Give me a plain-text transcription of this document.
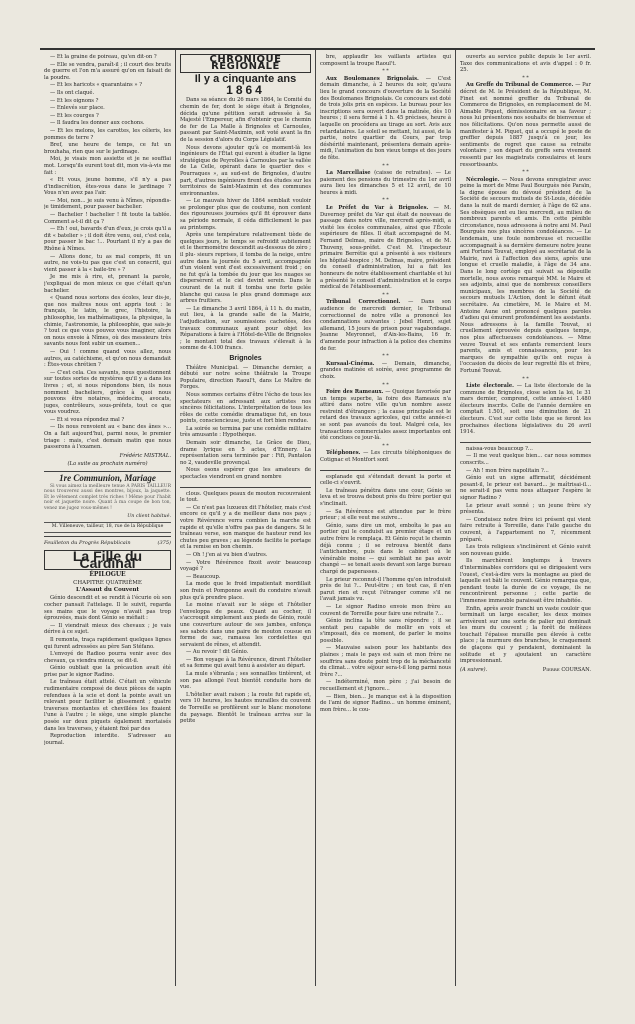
— Et la graine de poireau, qu'en dit-on ?

— Elle se vendra, paraît-il ; il court des bruits de guerre et l'on m'a assuré qu'on en faisait de la poudre.

— Et les haricots « quarantains » ?

— Ils ont claqué.

— Et les oignons ?

— Enlevés sur place.

— Et les courges ?

— Il faudra les donner aux cochons.

— Et les melons, les carottes, les céleris, les pommes de terre ?

Bref, une heure de temps, ce fut un brouhaha, rien que sur le jardinage.

Moi, je visais mon assiette et je ne soufflai mot. Lorsqu'ils eurent tout dit, mon vis-à-vis me fait :

« Et vous, jeune homme, s'il n'y a pas d'indiscrétion, êtes-vous dans le jardinage ? Vous n'en avez pas l'air.

— Moi, non... je suis venu à Nîmes, répondis-je timidement, pour passer bachelier.

— Bachelier ! bachelier ! fit toute la tablée. Comment a-t-il dit ça ?

— Eh ! oui, bavards d'un d'eux, je crois qu'il a dit « batelier » ; il doit être venu, oui, c'est cela, pour passer le bac !... Pourtant il n'y a pas de Rhône à Nîmes.

— Allons donc, tu as mal compris, fit un autre, ne vois-tu pas que c'est un conscrit, qui vient passer à la « baile-tre » ?

Je me mis à rire, et, prenant la parole, j'expliquai de mon mieux ce que c'était qu'un bachelier.

« Quand nous sortons des écoles, leur dis-je, que nos maîtres nous ont appris tout : le français, le latin, le grec, l'histoire, la philosophie, les mathématiques, la physique, la chimie, l'astronomie, la philosophie, que sais-je ? tout ce que vous pouvez vous imaginer, alors on nous envoie à Nîmes, où des messieurs très savants nous font subir un examen...

— Oui ! comme quand vous allez, nous autres, au catéchisme, et qu'on nous demandait : Êtes-vous chrétien ?

— C'est cela. Ces savants, nous questionnent sur toutes sortes de mystères qu'il y a dans les livres ; et, si nous répondons bien, ils nous nomment bacheliers, grâce à quoi nous pouvons être notaires, médecins, avocats, juges, contrôleurs, sous-préfets, tout ce que vous voudrez.

— Et si vous répondez mal ?

— Ils nous renvoient au « banc des ânes »... On a fait aujourd'hui, parmi nous, le premier triage : mais, c'est demain matin que nous passerons à l'examen.

Frédéric MISTRAL.
(La suite au prochain numéro)
1re Communion, Mariage

Si vous aimez la meilleure tenue A PARIS TAILLEUR nous trouverez aussi des montres, bijoux, la jaquette. Et le vêtement complet très riches ! Même pour l'habit noir et jaquette noire. Quant à ma coupe de bon ton, venez me jugez vous-mêmes !

Un client habitué.
M. Villeneuve, tailleur, 18, rue de la République
Feuilleton du Progrès Républicain	(375)
La Fille du Cardinal
ÉPILOGUE
CHAPITRE QUATRIÈME
L'Assaut du Couvent

Génio descendit et se rendit à l'écurie où son cocher pansait l'attelage. Il le suivit, regarda ses mains que le voyage n'avait pas trop éprouvées, mais dont Génio se méfiait :

— Il viendrait mieux des chevaux ; je vais dérive à ce sujet.

Il remonta, traça rapidement quelques lignes qui furent adressées au père San Stéfano.

L'envoyé de Radioo pourra venir avec des chevaux, ça viendra mieux, se dit-il.

Génio oubliait que la précaution avait été prise par le signor Radino.

Le traîneau était attelé. C'était un véhicule rudimentaire composé de deux pièces de sapin refendues à la scie et dont la pointe avait un relevant pour faciliter le glissement ; quatre traverses montantes et chevillées les fixaient l'une à l'autre ; le siège, une simple planche posée sur deux piquets également mortaisés dans les traverses, y étaient fixé par des

Reproduction interdite. S'adresser au journal.

CHRONIQUE RÉGIONALE
Il y a cinquante ans
1864

Dans sa séance du 26 mars 1864, le Comité du chemin de fer, dont le siège était à Brignoles, décida qu'une pétition serait adressée à Sa Majesté l'Empereur, afin d'obtenir que le chemin de fer de La Malle à Brignoles et Carnoules, passant par Saint-Maximin, soit voté avant la fin de la session d'alors du Corps Législatif.

Nous devons ajouter qu'à ce moment-là les ingénieurs de l'État qui eurent à étudier la ligne stratégique de Peyrolles à Carnoules par la vallée de La Celle, opérant dans le quartier des « Pourraques », au sud-est de Brignoles, d'autre part, d'autres ingénieurs firent des études sur les territoires de Saint-Maximin et des communes environnantes.

— Le mauvais hiver de 1864 semblait vouloir se prolonger plus que de coutume, non content des rigoureuses journées qu'il fit éprouver dans sa période normale, il céda difficilement le pas au printemps.

Après une température relativement tiède de quelques jours, le temps se refroidit subitement et le thermomètre descendit au-dessous de zéro ; il plu- sieurs reprises, il tomba de la neige, entre autre dans la journée du 5 avril, accompagnée d'un violent vent d'est excessivement froid ; on ne fut qu'à la tombée du jour que les nuages se dispersèrent et le ciel devint serein. Dans le courant de la nuit il tomba une forte gelée blanche qui causa le plus grand dommage aux arbres fruitiers.

— Le dimanche 3 avril 1864, à 11 h. du matin, eut lieu, à la grande salle de la Mairie, l'adjudication, sur soumissions cachetées, des travaux communaux ayant pour objet les Réparations à faire à l'Hôtel-de-Ville de Brignoles ; le montant total des travaux s'élevait à la somme de 4.100 francs.

Brignoles

Théâtre Municipal. — Dimanche dernier, a débuté sur notre scène théâtrale la Troupe Populaire, direction Raoul't, dans Le Maître de Forges.

Nous sommes certains d'être l'écho de tous les spectateurs en adressant aux artistes nos sincères félicitations. L'interprétation de tous les rôles de cette comédie dramatique fut, en tous points, consciencieuse, juste et fort bien rendue.

La soirée se termina par une comédie militaire très amusante : Hypothèque.

Demain soir dimanche, Le Grâce de Dieu, drame lyrique en 5 actes, d'Ennery. La représentation sera terminée par : Fifi, Pantalon no 2, vaudeville provençal.

Nous osons espérer que les amateurs de spectacles viendront en grand nombre

clous. Quelques peaux de mouton recouvraient le tout.

— Ce n'est pas luxueux dit l'hôtelier, mais c'est encore ce qu'il y a de meilleur dans nos pays ; votre Révérence verra combien la marche est rapide et qu'elle n'offre pas pas de dangers. Si le traîneau verse, son manque de hauteur rend les chutes peu graves ; au légende facilite le portage et la remise en bon chemin.

— Oh ! j'en ai vu bien d'autres.

— Votre Révérence fixoit avoir beaucoup voyagé ?

— Beaucoup.

La mode que le froid impatientait mordillait son frein et Pomponne avait du conduire n'avait plus qu'à prendre place.

Le moine n'avait sur le siège et l'hôtelier l'enveloppa de peaux. Quant au cocher, il s'accroupit simplement aux pieds de Génio, roulé une couverture autour de ses jambes, enfonça ses sabots dans une paire de mouton cousue en forme de sac, ramassa les cordelettes qui servaient de rênes, et attendit.

— Au revoir ! dit Génio.

— Bon voyage à la Révérence, dirent l'hôtelier et sa femme qui avait tenu à assister au départ.

La mule s'ébranla ; ses sonnailles tintèrent, et son pas allongé l'eut bientôt conduite hors de vue.

L'hôtelier avait raison ; la route fut rapide et, vers 10 heures, les hautes murailles du couvent de Torreille se profilèrent sur le blanc monotone du paysage. Bientôt le traîneau arriva sur la petite

bre, applaudir les vaillants artistes qui composent la troupe Raoul't.

* *

Aux Boulomanes Brignolais. — C'est demain dimanche, à 2 heures du soir, qu'aura lieu le grand concours d'ouverture de la Société des Boulomanes Brignolais. Ce concours est doté de trois jolis prix en espèces. Le bureau pour les inscriptions sera ouvert dans la matinée, dès 10 heures ; il sera fermé à 1 h. 45 précises, heure à laquelle on procédera au tirage au sort. Avis aux retardataires. Le soleil se mettant, lui aussi, de la partie, notre quartier du Cours, par trop déshérité maintenant, présentera demain après-midi, l'animation du bon vieux temps et des jours de fête.

* *

La Marcellaise (caisse de retraites). — Le paiement des pensions du trimestre du 1er avril aura lieu les dimanches 5 et 12 avril, de 10 heures à midi.

* *

Le Préfet du Var à Brignoles. — M. Duvernoy préfet du Var qui était de nouveau de passage dans notre ville, mercredi après-midi, a visité les écoles communales, ainsi que l'École supérieure de filles. Il était accompagné de M. Fernand Delmas, maire de Brignoles, et de M. Thuveny, sous-préfet. C'est M. l'inspecteur primaire Berrétie qui a présenté à ses visiteurs les hôpital-hospice ; M. Delmas, maire, président du conseil d'administration, lui a fait les honneurs de notre établissement charitable et lui a présenté le conseil d'administration et le corps médical de l'établissement.

* *

Tribunal Correctionnel. — Dans son audience de mercredi dernier, le Tribunal correctionnel de notre ville a prononcé les condamnations suivantes : Jebel Henri, sujet allemand, 15 jours de prison pour vagabondage. Jeanne Meyronnet, d'Aix-les-Bains, 16 fr. d'amende pour infraction à la police des chemins de fer.

* *

Kursaal-Cinéma. — Demain, dimanche, grandes matinée et soirée, avec programme de choix.

* *

Foire des Rameaux. — Quoique favorisée par un temps superbe, la foire des Rameaux n'a attiré dans notre ville qu'un nombre assez restreint d'étrangers ; la cause principale est le retard des travaux agricoles, qui cette année-ci se sont pas avancés du tout. Malgré cela, les transactions commerciales assez importantes ont été conclues ce jour-là.

* *

Téléphones. — Les circuits téléphoniques de Cotignac et Montfort sont

esplanade qui s'étendait devant la porte et celle-ci s'ouvrit.

Le traîneau pénétra dans une cour, Génio se leva et se trouva debout près du frère portier qui s'inclinait.

— Sa Révérence est attendue par le frère prieur ; si elle veut me suivre...

Génio, sans dire un mot, emboîta le pas au portier qui le conduisit au premier étage et un autre frère le remplaça. Et Génio reçut le chemin déjà connu ; il se retrouva bientôt dans l'antichambre, puis dans le cabinet où le vénérable moine — qui semblait ne pas avoir changé — se tenait assis devant son large bureau chargé de paperasses.

Le prieur reconnut-il l'homme qu'on introduisit près de lui ?... Peut-être ; en tout cas, il n'en parut rien et reçut l'étranger comme s'il ne l'avait jamais vu.

— Le signor Radino envoie mon frère au couvent de Torreille pour faire une retraite ?...

Génio inclina la tête sans répondre ; il se sentait peu capable de mollir en voix et s'imposait, dès ce moment, de parler le moins possible.

— Mauvaise saison pour les habitants des plaines ; mais le pays est sain et mon frère ne souffrira sans doute point trop de la méchanceté du climat... votre séjour sera-t-il long parmi nous frère ?...

— Indéterminé, mon père ; j'ai besoin de recueillement et j'ignore...

— Bien, bien... Je manque est à la disposition de l'ami de signor Radino... un homme éminent, mon frère... le cou-

ouverts au service public depuis le 1er avril. Taxe des communications et avis d'appel : 0 fr. 25.

* *

Au Greffe du Tribunal de Commerce. — Par décret de M. le Président de la République, M. Finet est nommé greffier du Tribunal de Commerce de Brignoles, en remplacement de M. Aimable Piquet, démissionnaire en sa faveur ; nous lui présentons nos souhaits de bienvenue et nos félicitations. Qu'on nous permette aussi de manifester à M. Piquet, qui a occupé le poste de greffier depuis 1887 jusqu'à ce jour, les sentiments de regret que cause sa retraite volontaire ; son départ du greffe sera vivement ressenti par les magistrats consulaires et leurs ressortissants.

* *

Nécrologie. — Nous devons enregistrer avec peine la mort de Mme Paul Bourguès née Paraïn, la digne épouse du dévoué président de la Société de secours mutuels de St-Louis, décédée dans la nuit de mardi dernier, à l'âge de 62 ans. Ses obsèques ont eu lieu mercredi, au milieu de nombreux parents et amis. En cette pénible circonstance, nous adressons à notre ami M. Paul Bourguès nos plus sincères condoléances. — Le lendemain, une foule nombreuse et recueillie accompagnait à sa dernière demeure notre jeune ami Fortuné Touvat, employé au secrétariat de la Mairie, ravi à l'affection des siens, après une longue et cruelle maladie, à l'âge de 34 ans. Dans le long cortège qui suivait sa dépouille mortelle, nous avons remarqué MM. le Maire et ses adjoints, ainsi que de nombreux conseillers municipaux, les membres de la Société de secours mutuels L'Action, dont le défunt était secrétaire. Au cimetière, M. le Maire et M. Antoine Aune ont prononcé quelques paroles d'adieu qui émurent profondément les assistants. Nous adressons à la famille Touvat, si cruellement éprouvée depuis quelques temps, nos plus affectueuses condoléances. — Mme veuve Touvat et ses enfants remercient leurs parents, amis et connaissances, pour les marques de sympathie qu'ils ont reçus à l'occasion du décès de leur regretté fils et frère, Fortuné Touvat.

* *

Liste électorale. — La liste électorale de la commune de Brignoles, close selon la loi, le 31 mars dernier, comprend, cette année-ci 1.480 électeurs inscrits. Celle de l'année dernière en comptait 1.501, soit une diminution de 21 électeurs. C'est sur cette liste que se feront les prochaines élections législatives du 26 avril 1914.

naissa-vous beaucoup ?...

— Il me veut quelque bien... car nous sommes conscrits...

— Ah ! mon frère napolitain ?...

Génio eut un signe affirmatif, décidément pesant-il, le prieur est bavard... je maîtrisai-il... ne serait-il pas venu nous attaquer l'espère le signor Radino ?

Le prieur avait sonné ; un jeune frère s'y présenta.

— Conduisez notre frère ici présent qui vient faire retraite à Torreille, dans l'aile gauche du couvent, à l'appartement no 7, récemment préparé.

Les trois religieux s'inclinèrent et Génio suivit son nouveau guide.

Ils marchèrent longtemps à travers d'interminables corridors qui se dirigeaient vers l'ouest, c'est-à-dire vers la montagne au pied de laquelle est bâti le couvent. Génio remarqua que, pendant toute la durée de ce voyage, ils ne rencontrèrent personne ; cette partie de l'immense immeuble paraissait être inhabitée.

Enfin, après avoir franchi un vaste couloir que terminait un large escalier, les deux moines arrivèrent sur une sorte de palier qui dominait les murs du couvent ; la forêt de mélèzes touchait l'épaisse muraille peu élevée à cette place ; la murmure des branches, le craquement de glaçons qui y pendaient, dominaient la solitude et y ajoutaient un caractère impressionnant.

(A suivre).	Pierre COURSAN.
